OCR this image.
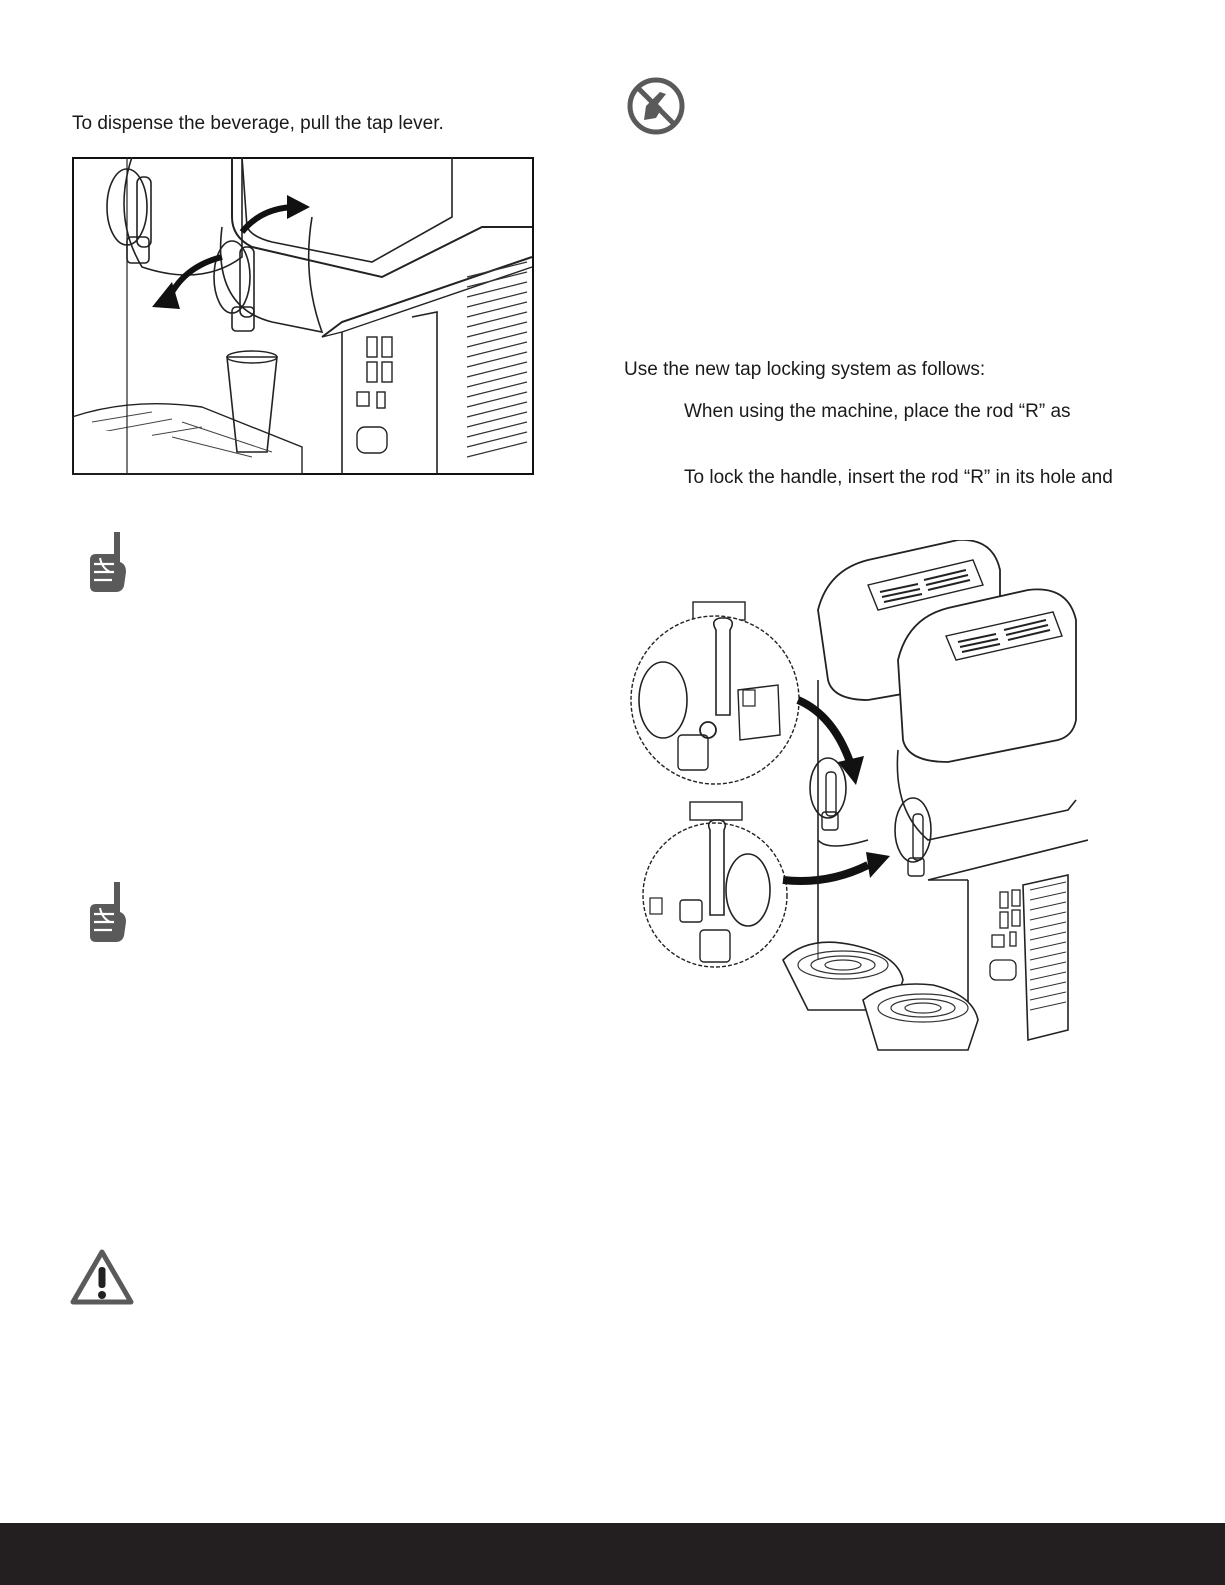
To dispense the beverage, pull the tap lever.
Use the new tap locking system as follows:
When using the machine, place the rod “R” as
To lock the handle, insert the rod “R” in its hole and
